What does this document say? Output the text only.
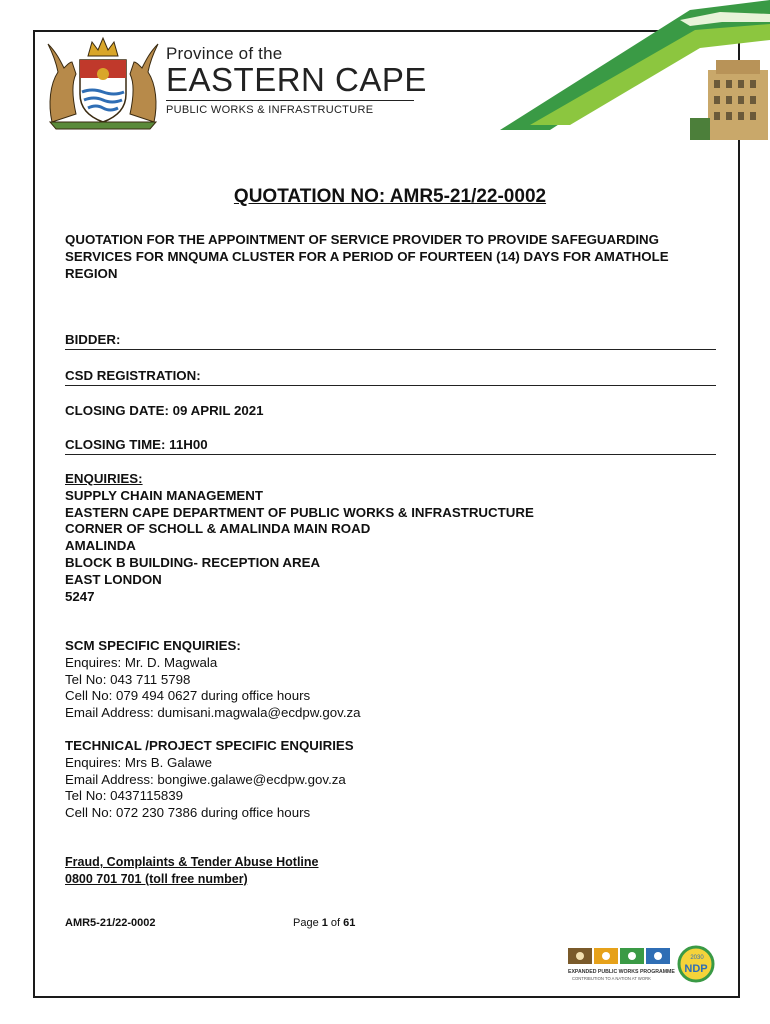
Province of the
EASTERN CAPE
PUBLIC WORKS & INFRASTRUCTURE
QUOTATION NO: AMR5-21/22-0002
QUOTATION FOR THE APPOINTMENT OF SERVICE PROVIDER TO PROVIDE SAFEGUARDING SERVICES FOR MNQUMA CLUSTER FOR A PERIOD OF FOURTEEN (14) DAYS FOR AMATHOLE REGION
BIDDER:
CSD REGISTRATION:
CLOSING DATE: 09 APRIL 2021
CLOSING TIME: 11H00
ENQUIRIES:
SUPPLY CHAIN MANAGEMENT
EASTERN CAPE DEPARTMENT OF PUBLIC WORKS & INFRASTRUCTURE
CORNER OF SCHOLL & AMALINDA MAIN ROAD
AMALINDA
BLOCK B BUILDING- RECEPTION AREA
EAST LONDON
5247
SCM SPECIFIC ENQUIRIES:
Enquires: Mr. D. Magwala
Tel No: 043 711 5798
Cell No: 079 494 0627 during office hours
Email Address: dumisani.magwala@ecdpw.gov.za
TECHNICAL /PROJECT SPECIFIC ENQUIRIES
Enquires: Mrs B. Galawe
Email Address: bongiwe.galawe@ecdpw.gov.za
Tel No: 0437115839
Cell No: 072 230 7386 during office hours
Fraud, Complaints & Tender Abuse Hotline
0800 701 701 (toll free number)
AMR5-21/22-0002	Page 1 of 61
EXPANDED PUBLIC WORKS PROGRAMME
CONTRIBUTION TO A NATION AT WORK
2030
NDP
